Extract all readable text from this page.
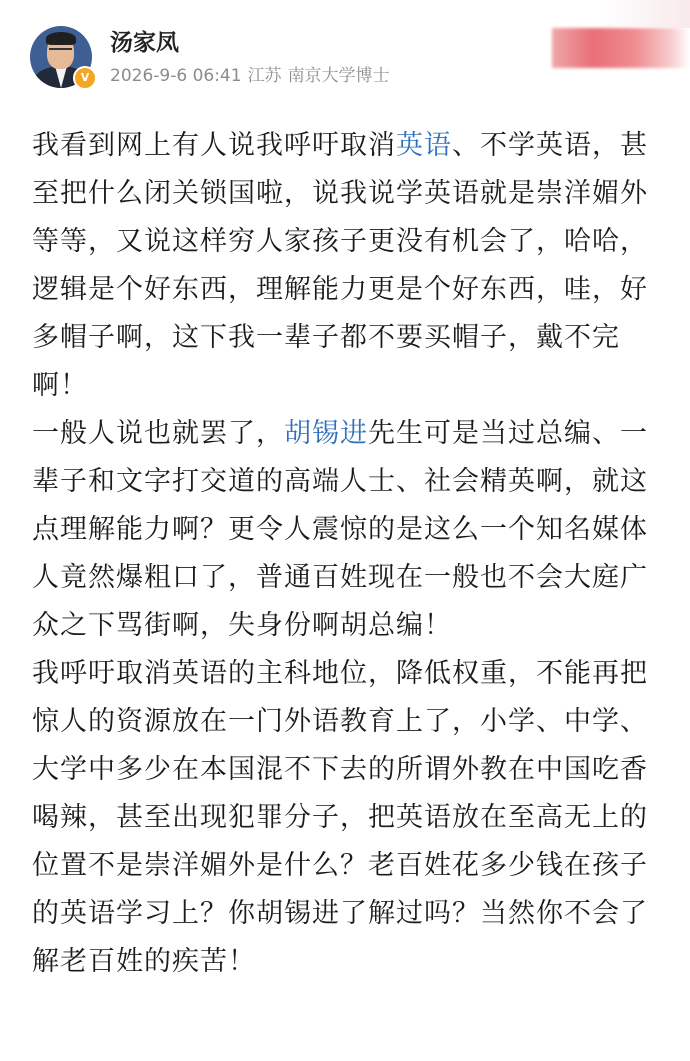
V
汤家凤
2026-9-6 06:41 江苏 南京大学博士

我看到网上有人说我呼吁取消英语、不学英语，甚至把什么闭关锁国啦，说我说学英语就是崇洋媚外等等，又说这样穷人家孩子更没有机会了，哈哈，逻辑是个好东西，理解能力更是个好东西，哇，好多帽子啊，这下我一辈子都不要买帽子，戴不完啊！

一般人说也就罢了，胡锡进先生可是当过总编、一辈子和文字打交道的高端人士、社会精英啊，就这点理解能力啊？更令人震惊的是这么一个知名媒体人竟然爆粗口了，普通百姓现在一般也不会大庭广众之下骂街啊，失身份啊胡总编！

我呼吁取消英语的主科地位，降低权重，不能再把惊人的资源放在一门外语教育上了，小学、中学、大学中多少在本国混不下去的所谓外教在中国吃香喝辣，甚至出现犯罪分子，把英语放在至高无上的位置不是崇洋媚外是什么？老百姓花多少钱在孩子的英语学习上？你胡锡进了解过吗？当然你不会了解老百姓的疾苦！
